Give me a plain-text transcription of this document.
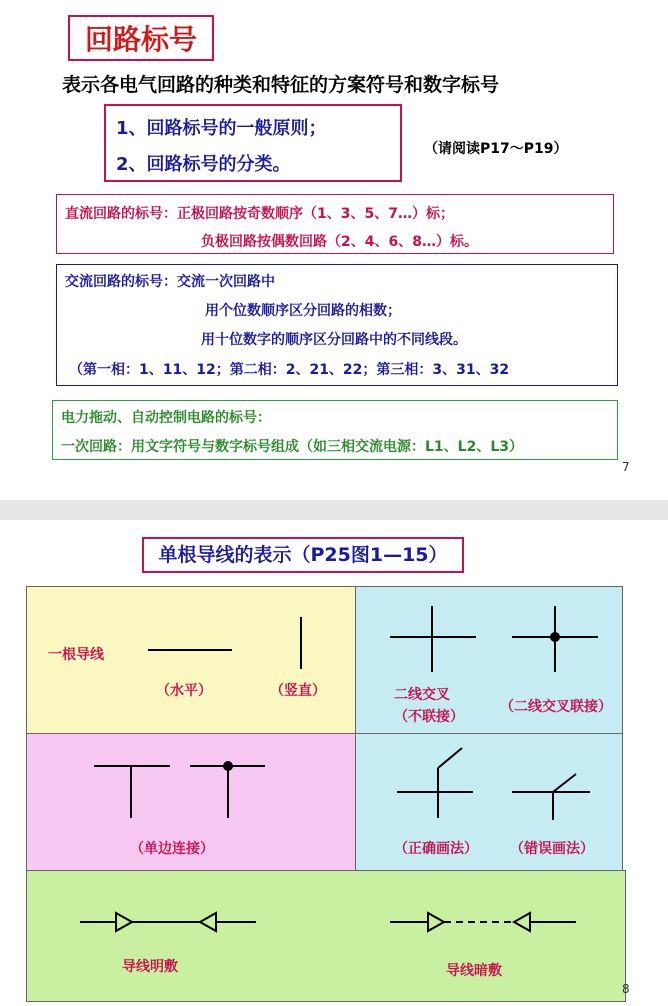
回路标号
表示各电气回路的种类和特征的方案符号和数字标号
1、回路标号的一般原则；
2、回路标号的分类。
（请阅读P17～P19）
直流回路的标号：正极回路按奇数顺序（1、3、5、7…）标；
负极回路按偶数回路（2、4、6、8…）标。
交流回路的标号：交流一次回路中
用个位数顺序区分回路的相数；
用十位数字的顺序区分回路中的不同线段。
（第一相：1、11、12；第二相：2、21、22；第三相：3、31、32
电力拖动、自动控制电路的标号：
一次回路：用文字符号与数字标号组成（如三相交流电源：L1、L2、L3）
7
单根导线的表示（P25图1—15）
一根导线
（水平）	（竖直）	二线交叉
（不联接）
（二线交叉联接）
（单边连接）	（正确画法） （错误画法）
导线明敷	导线暗敷
8
